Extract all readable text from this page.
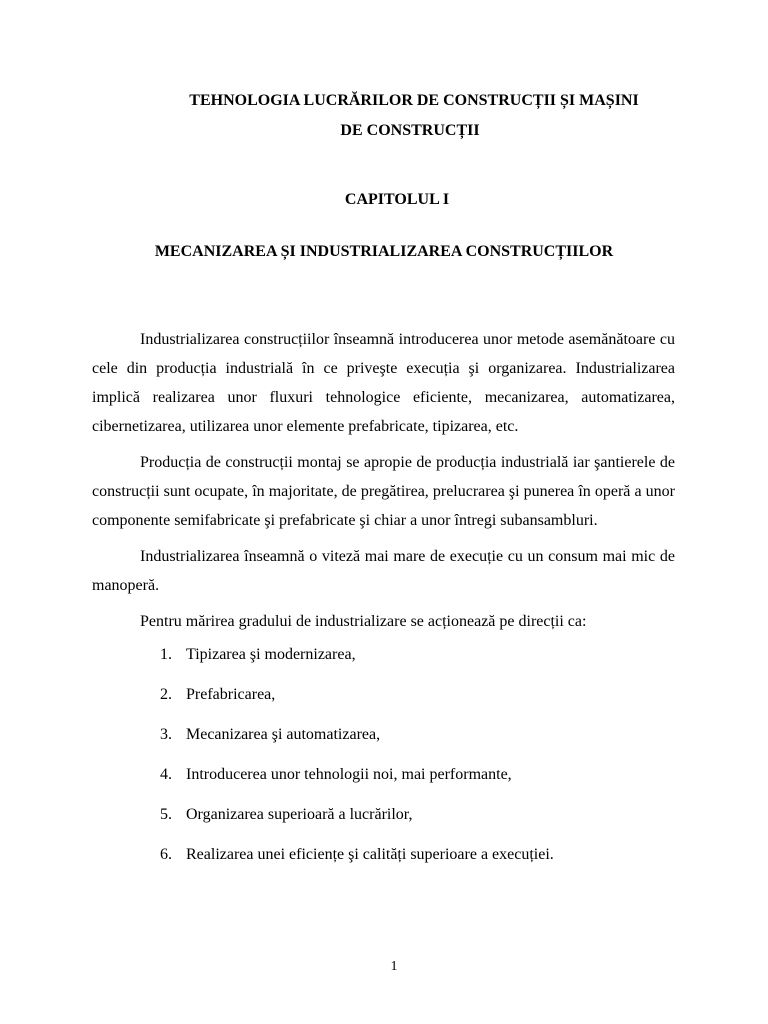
TEHNOLOGIA LUCRĂRILOR DE CONSTRUCȚII ȘI MAȘINI
DE CONSTRUCȚII
CAPITOLUL I
MECANIZAREA ȘI INDUSTRIALIZAREA CONSTRUCȚIILOR

Industrializarea construcțiilor înseamnă introducerea unor metode asemănătoare cu cele din producția industrială în ce priveşte execuția şi organizarea. Industrializarea implică realizarea unor fluxuri tehnologice eficiente, mecanizarea, automatizarea, cibernetizarea, utilizarea unor elemente prefabricate, tipizarea, etc.

Producția de construcții montaj se apropie de producția industrială iar şantierele de construcții sunt ocupate, în majoritate, de pregătirea, prelucrarea şi punerea în operă a unor componente semifabricate şi prefabricate şi chiar a unor întregi subansambluri.

Industrializarea înseamnă o viteză mai mare de execuție cu un consum mai mic de manoperă.

Pentru mărirea gradului de industrializare se acționează pe direcții ca:

1. Tipizarea şi modernizarea,
2. Prefabricarea,
3. Mecanizarea şi automatizarea,
4. Introducerea unor tehnologii noi, mai performante,
5. Organizarea superioară a lucrărilor,
6. Realizarea unei eficiențe şi calități superioare a execuției.
1
